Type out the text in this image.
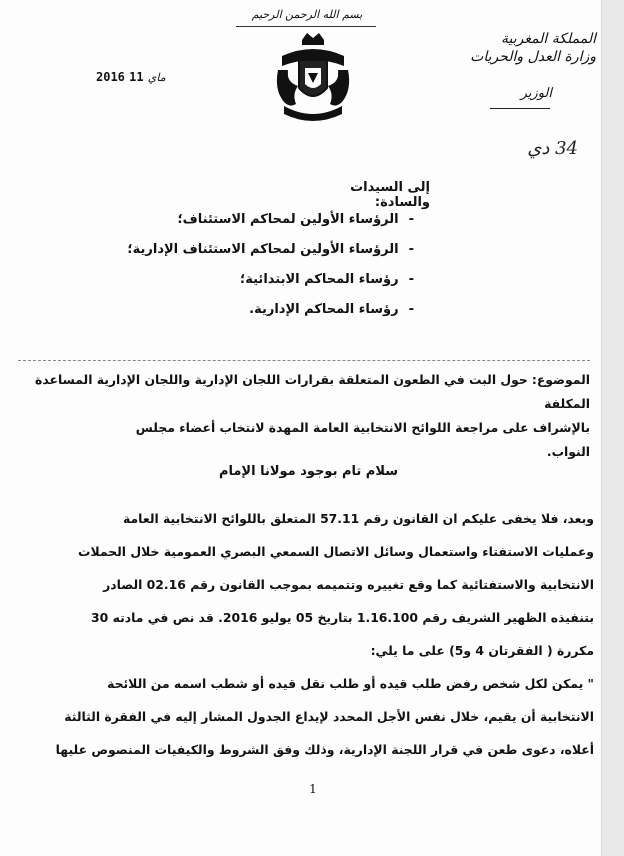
بسم الله الرحمن الرحيم
المملكة المغربية
وزارة العدل والحريات
الوزير
2016 ماي 11
34 دي
إلى السيدات والسادة:
-الرؤساء الأولين لمحاكم الاستئناف؛
-الرؤساء الأولين لمحاكم الاستئناف الإدارية؛
-رؤساء المحاكم الابتدائية؛
-رؤساء المحاكم الإدارية.
الموضوع:حول البت في الطعون المتعلقة بقرارات اللجان الإدارية واللجان الإدارية المساعدة المكلفة
بالإشراف على مراجعة اللوائح الانتخابية العامة المهدة لانتخاب أعضاء مجلس
النواب.
سلام تام بوجود مولانا الإمام
وبعد، فلا يخفى عليكم ان القانون رقم 57.11 المتعلق باللوائح الانتخابية العامة
وعمليات الاستفتاء واستعمال وسائل الاتصال السمعي البصري العمومية خلال الحملات
الانتخابية والاستفتائية كما وقع تغييره وتتميمه بموجب القانون رقم 02.16 الصادر
بتنفيذه الظهير الشريف رقم 1.16.100 بتاريخ 05 يوليو 2016. قد نص في مادته 30
مكررة ( الفقرتان 4 و5) على ما يلي:
" يمكن لكل شخص رفض طلب قيده أو طلب نقل قيده أو شطب اسمه من اللائحة
الانتخابية أن يقيم، خلال نفس الأجل المحدد لإيداع الجدول المشار إليه في الفقرة الثالثة
أعلاه، دعوى طعن في قرار اللجنة الإدارية، وذلك وفق الشروط والكيفيات المنصوص عليها
1
